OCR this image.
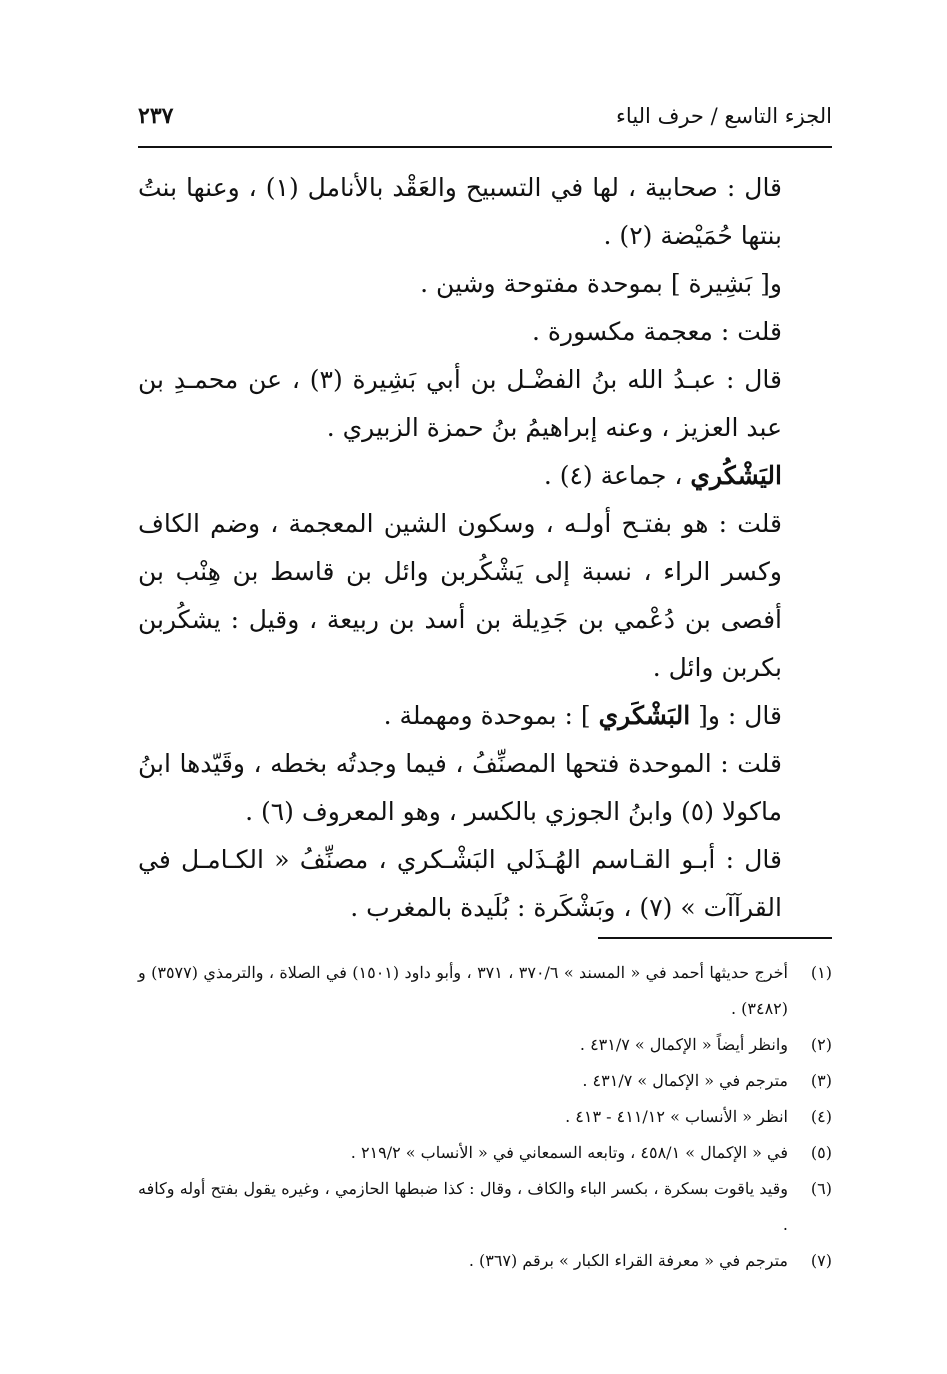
الجزء التاسع / حرف الياء
٢٣٧

قال : صحابية ، لها في التسبيح والعَقْد بالأنامل (١) ، وعنها بنتُ بنتها حُمَيْضة (٢) .

و[ بَشِيرة ] بموحدة مفتوحة وشين .

قلت : معجمة مكسورة .

قال : عبـدُ الله بنُ الفضْـل بن أبي بَشِيرة (٣) ، عن محمـدِ بن عبد العزيز ، وعنه إبراهيمُ بنُ حمزة الزبيري .

اليَشْكُري ، جماعة (٤) .

قلت : هو بفتـح أولـه ، وسكون الشين المعجمة ، وضم الكاف وكسر الراء ، نسبة إلى يَشْكُربن وائل بن قاسط بن هِنْب بن أفصى بن دُعْمي بن جَدِيلة بن أسد بن ربيعة ، وقيل : يشكُربن بكربن وائل .

قال : و[ البَشْكَري ] : بموحدة ومهملة .

قلت : الموحدة فتحها المصنِّفُ ، فيما وجدتُه بخطه ، وقَيّدها ابنُ ماكولا (٥) وابنُ الجوزي بالكسر ، وهو المعروف (٦) .

قال : أبـو القـاسم الهُـذَلي البَشْـكري ، مصنِّفُ « الكـامـل في القرآآت » (٧) ، وبَشْكَرة : بُلَيدة بالمغرب .

(١)أخرج حديثها أحمد في « المسند » ٣٧٠/٦ ، ٣٧١ ، وأبو داود (١٥٠١) في الصلاة ، والترمذي (٣٥٧٧) و (٣٤٨٢) .

(٢)وانظر أيضاً « الإكمال » ٤٣١/٧ .

(٣)مترجم في « الإكمال » ٤٣١/٧ .

(٤)انظر « الأنساب » ٤١١/١٢ - ٤١٣ .

(٥)في « الإكمال » ٤٥٨/١ ، وتابعه السمعاني في « الأنساب » ٢١٩/٢ .

(٦)وقيد ياقوت بسكرة ، بكسر الباء والكاف ، وقال : كذا ضبطها الحازمي ، وغيره يقول بفتح أوله وكافه .

(٧)مترجم في « معرفة القراء الكبار » برقم (٣٦٧) .
